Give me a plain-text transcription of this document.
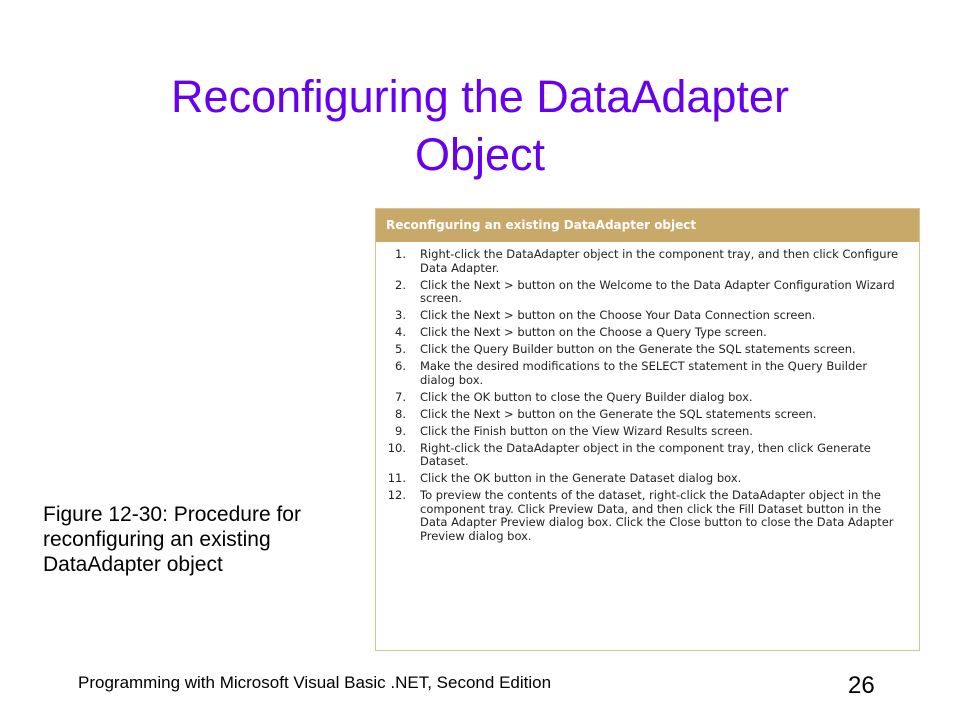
Reconfiguring the DataAdapter
Object
Reconfiguring an existing DataAdapter object
1. Right-click the DataAdapter object in the component tray, and then click Configure Data Adapter.
2. Click the Next > button on the Welcome to the Data Adapter Configuration Wizard screen.
3. Click the Next > button on the Choose Your Data Connection screen.
4. Click the Next > button on the Choose a Query Type screen.
5. Click the Query Builder button on the Generate the SQL statements screen.
6. Make the desired modifications to the SELECT statement in the Query Builder dialog box.
7. Click the OK button to close the Query Builder dialog box.
8. Click the Next > button on the Generate the SQL statements screen.
9. Click the Finish button on the View Wizard Results screen.
10. Right-click the DataAdapter object in the component tray, then click Generate Dataset.
11. Click the OK button in the Generate Dataset dialog box.
12. To preview the contents of the dataset, right-click the DataAdapter object in the component tray. Click Preview Data, and then click the Fill Dataset button in the Data Adapter Preview dialog box. Click the Close button to close the Data Adapter Preview dialog box.
Figure 12-30: Procedure for reconfiguring an existing DataAdapter object
Programming with Microsoft Visual Basic .NET, Second Edition	26
